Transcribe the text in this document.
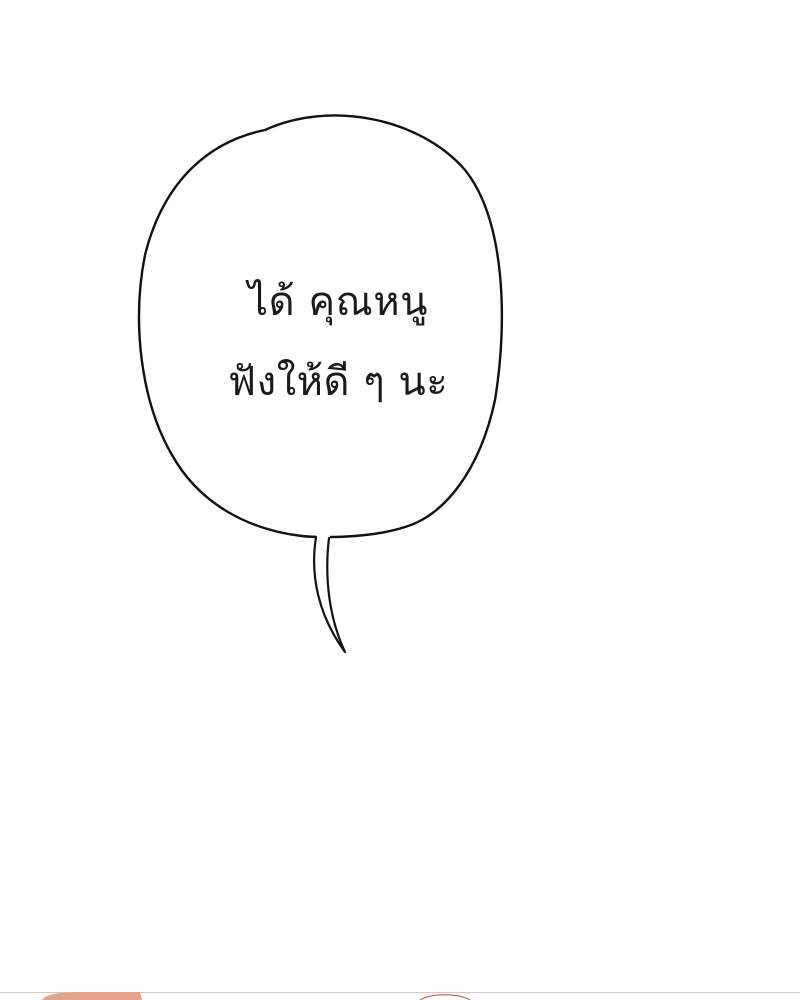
ได้ คุณหนู
ฟังให้ดี ๆ นะ
